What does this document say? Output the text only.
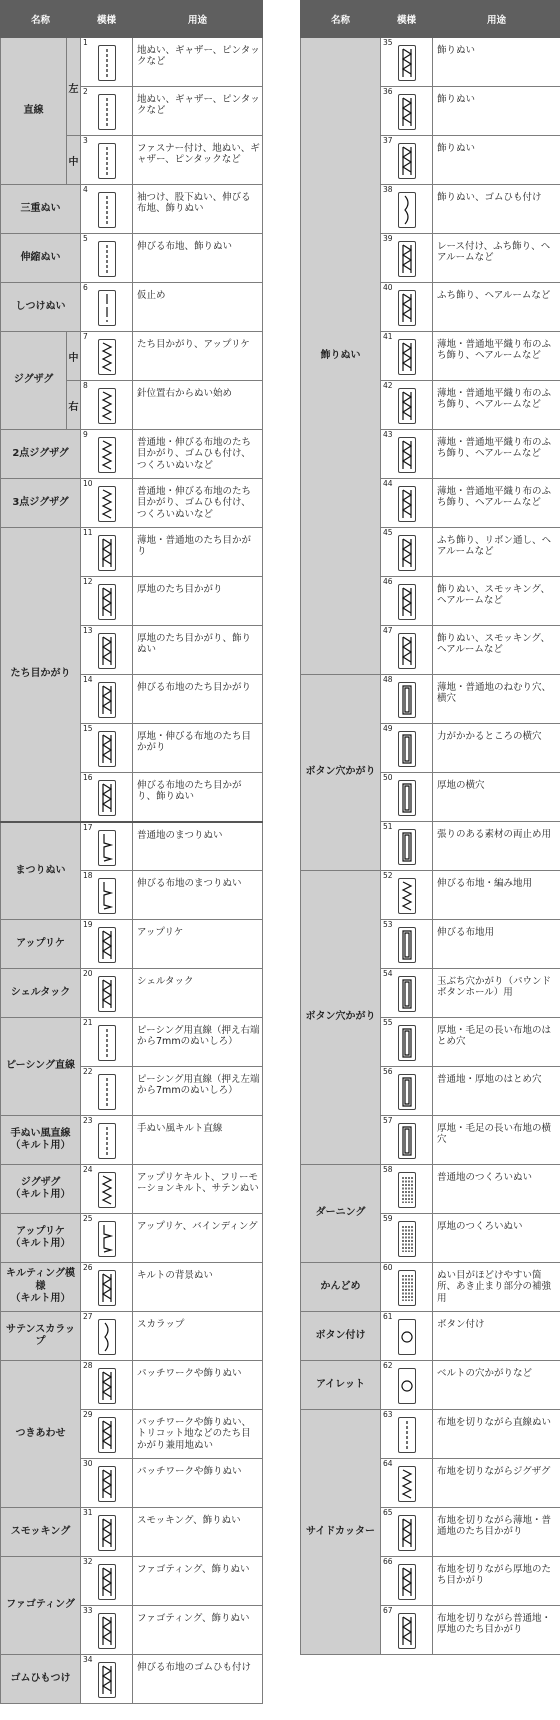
名称		模様	用途
直線	左	1	地ぬい、ギャザー、ピンタックなど

		2	地ぬい、ギャザー、ピンタックなど
	中	3	ファスナー付け、地ぬい、ギャザー、ピンタックなど
三重ぬい		4	袖つけ、股下ぬい、伸びる布地、飾りぬい
伸縮ぬい		5	伸びる布地、飾りぬい
しつけぬい		6	仮止め
ジグザグ	中	7	たち目かがり、アップリケ
	右	8	針位置右からぬい始め
2点ジグザグ		9	普通地・伸びる布地のたち目かがり、ゴムひも付け、つくろいぬいなど
3点ジグザグ		10	普通地・伸びる布地のたち目かがり、ゴムひも付け、つくろいぬいなど
たち目かがり		11	薄地・普通地のたち目かがり

		12	厚地のたち目かがり

		13	厚地のたち目かがり、飾りぬい

		14	伸びる布地のたち目かがり

		15	厚地・伸びる布地のたち目かがり

		16	伸びる布地のたち目かがり、飾りぬい
まつりぬい		17	普通地のまつりぬい

		18	伸びる布地のまつりぬい
アップリケ		19	アップリケ
シェルタック		20	シェルタック
ピーシング直線		21	ピーシング用直線（押え右端から7mmのぬいしろ）

		22	ピーシング用直線（押え左端から7mmのぬいしろ）
手ぬい風直線
（キルト用）		23	手ぬい風キルト直線
ジグザグ
（キルト用）		24	アップリケキルト、フリーモーションキルト、サテンぬい
アップリケ
（キルト用）		25	アップリケ、バインディング
キルティング模様
（キルト用）		26	キルトの背景ぬい
サテンスカラップ		27	スカラップ
つきあわせ		28	パッチワークや飾りぬい

		29	パッチワークや飾りぬい、トリコット地などのたち目かがり兼用地ぬい

		30	パッチワークや飾りぬい
スモッキング		31	スモッキング、飾りぬい
ファゴティング		32	ファゴティング、飾りぬい

		33	ファゴティング、飾りぬい
ゴムひもつけ		34	伸びる布地のゴムひも付け
名称	模様	用途
飾りぬい	35	飾りぬい

	36	飾りぬい

	37	飾りぬい

	38	飾りぬい、ゴムひも付け

	39	レース付け、ふち飾り、ヘアルームなど

	40	ふち飾り、ヘアルームなど

	41	薄地・普通地平織り布のふち飾り、ヘアルームなど

	42	薄地・普通地平織り布のふち飾り、ヘアルームなど

	43	薄地・普通地平織り布のふち飾り、ヘアルームなど

	44	薄地・普通地平織り布のふち飾り、ヘアルームなど

	45	ふち飾り、リボン通し、ヘアルームなど

	46	飾りぬい、スモッキング、ヘアルームなど

	47	飾りぬい、スモッキング、ヘアルームなど
ボタン穴かがり	48	薄地・普通地のねむり穴、横穴

	49	力がかかるところの横穴

	50	厚地の横穴

	51	張りのある素材の両止め用
ボタン穴かがり	52	伸びる布地・編み地用

	53	伸びる布地用

	54	玉ぶち穴かがり（パウンドボタンホール）用

	55	厚地・毛足の長い布地のはとめ穴

	56	普通地・厚地のはとめ穴

	57	厚地・毛足の長い布地の横穴
ダーニング	58	普通地のつくろいぬい

	59	厚地のつくろいぬい
かんどめ	60	ぬい目がほどけやすい箇所、あき止まり部分の補強用
ボタン付け	61	ボタン付け
アイレット	62	ベルトの穴かがりなど
サイドカッター	63	布地を切りながら直線ぬい

	64	布地を切りながらジグザグ

	65	布地を切りながら薄地・普通地のたち目かがり

	66	布地を切りながら厚地のたち目かがり

	67	布地を切りながら普通地・厚地のたち目かがり
